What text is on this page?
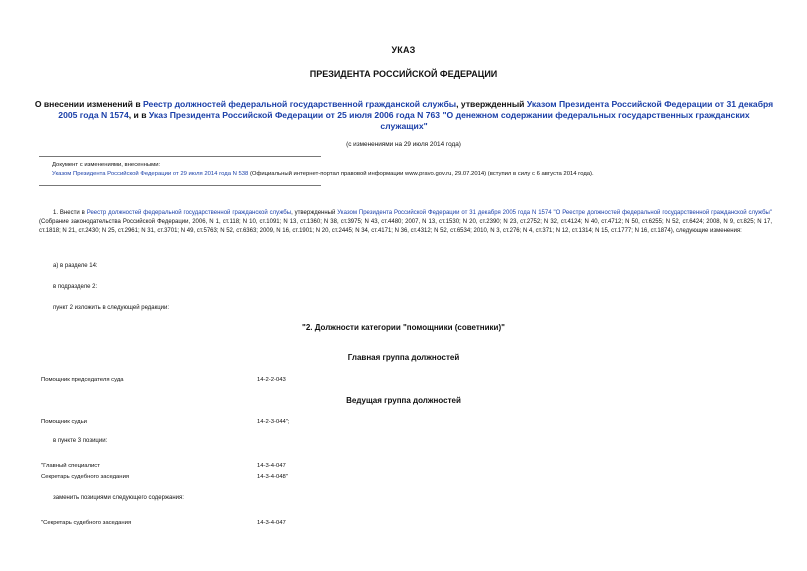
УКАЗ
ПРЕЗИДЕНТА РОССИЙСКОЙ ФЕДЕРАЦИИ
О внесении изменений в Реестр должностей федеральной государственной гражданской службы, утвержденный Указом Президента Российской Федерации от 31 декабря 2005 года N 1574, и в Указ Президента Российской Федерации от 25 июля 2006 года N 763 "О денежном содержании федеральных государственных гражданских служащих"
(с изменениями на 29 июля 2014 года)
Документ с изменениями, внесенными:
Указом Президента Российской Федерации от 29 июля 2014 года N 538 (Официальный интернет-портал правовой информации www.pravo.gov.ru, 29.07.2014) (вступил в силу с 6 августа 2014 года).
1. Внести в Реестр должностей федеральной государственной гражданской службы, утвержденный Указом Президента Российской Федерации от 31 декабря 2005 года N 1574 "О Реестре должностей федеральной государственной гражданской службы" (Собрание законодательства Российской Федерации, 2006, N 1, ст.118; N 10, ст.1091; N 13, ст.1360; N 38, ст.3975; N 43, ст.4480; 2007, N 13, ст.1530; N 20, ст.2390; N 23, ст.2752; N 32, ст.4124; N 40, ст.4712; N 50, ст.6255; N 52, ст.6424; 2008, N 9, ст.825; N 17, ст.1818; N 21, ст.2430; N 25, ст.2961; N 31, ст.3701; N 49, ст.5763; N 52, ст.6363; 2009, N 16, ст.1901; N 20, ст.2445; N 34, ст.4171; N 36, ст.4312; N 52, ст.6534; 2010, N 3, ст.276; N 4, ст.371; N 12, ст.1314; N 15, ст.1777; N 16, ст.1874), следующие изменения:
а) в разделе 14:
в подразделе 2:
пункт 2 изложить в следующей редакции:
"2. Должности категории "помощники (советники)"
Главная группа должностей
Помощник председателя суда	14-2-2-043
Ведущая группа должностей
Помощник судьи	14-2-3-044";
в пункте 3 позиции:
"Главный специалист	14-3-4-047
Секретарь судебного заседания	14-3-4-048"
заменить позициями следующего содержания:
"Секретарь судебного заседания	14-3-4-047
